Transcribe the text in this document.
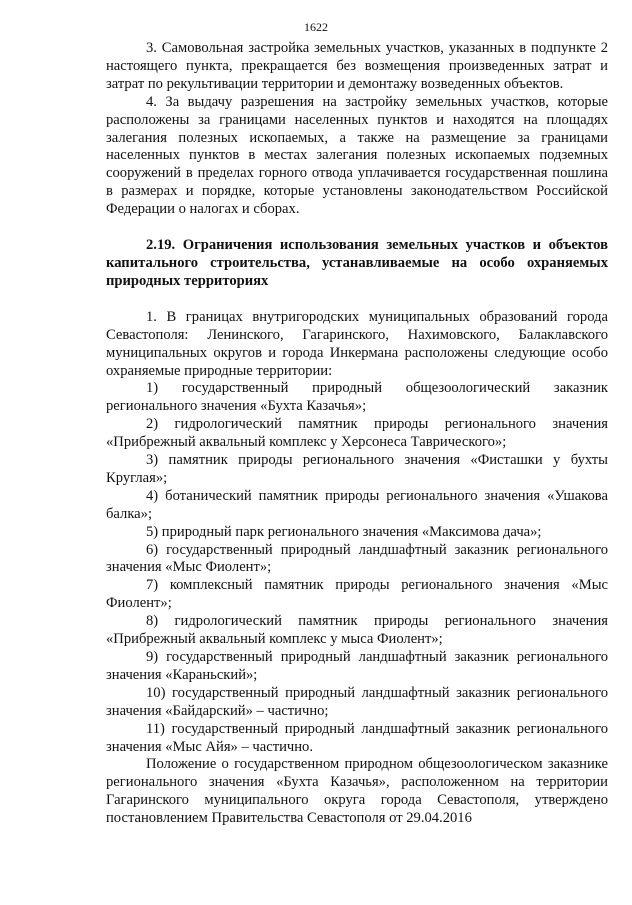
1622

3. Самовольная застройка земельных участков, указанных в подпункте 2 настоящего пункта, прекращается без возмещения произведенных затрат и затрат по рекультивации территории и демонтажу возведенных объектов.

4. За выдачу разрешения на застройку земельных участков, которые расположены за границами населенных пунктов и находятся на площадях залегания полезных ископаемых, а также на размещение за границами населенных пунктов в местах залегания полезных ископаемых подземных сооружений в пределах горного отвода уплачивается государственная пошлина в размерах и порядке, которые установлены законодательством Российской Федерации о налогах и сборах.

2.19. Ограничения использования земельных участков и объектов капитального строительства, устанавливаемые на особо охраняемых природных территориях

1. В границах внутригородских муниципальных образований города Севастополя: Ленинского, Гагаринского, Нахимовского, Балаклавского муниципальных округов и города Инкермана расположены следующие особо охраняемые природные территории:

1) государственный природный общезоологический заказник регионального значения «Бухта Казачья»;

2) гидрологический памятник природы регионального значения «Прибрежный аквальный комплекс у Херсонеса Таврического»;

3) памятник природы регионального значения «Фисташки у бухты Круглая»;

4) ботанический памятник природы регионального значения «Ушакова балка»;

5) природный парк регионального значения «Максимова дача»;

6) государственный природный ландшафтный заказник регионального значения «Мыс Фиолент»;

7) комплексный памятник природы регионального значения «Мыс Фиолент»;

8) гидрологический памятник природы регионального значения «Прибрежный аквальный комплекс у мыса Фиолент»;

9) государственный природный ландшафтный заказник регионального значения «Караньский»;

10) государственный природный ландшафтный заказник регионального значения «Байдарский» – частично;

11) государственный природный ландшафтный заказник регионального значения «Мыс Айя» – частично.

Положение о государственном природном общезоологическом заказнике регионального значения «Бухта Казачья», расположенном на территории Гагаринского муниципального округа города Севастополя, утверждено постановлением Правительства Севастополя от 29.04.2016
